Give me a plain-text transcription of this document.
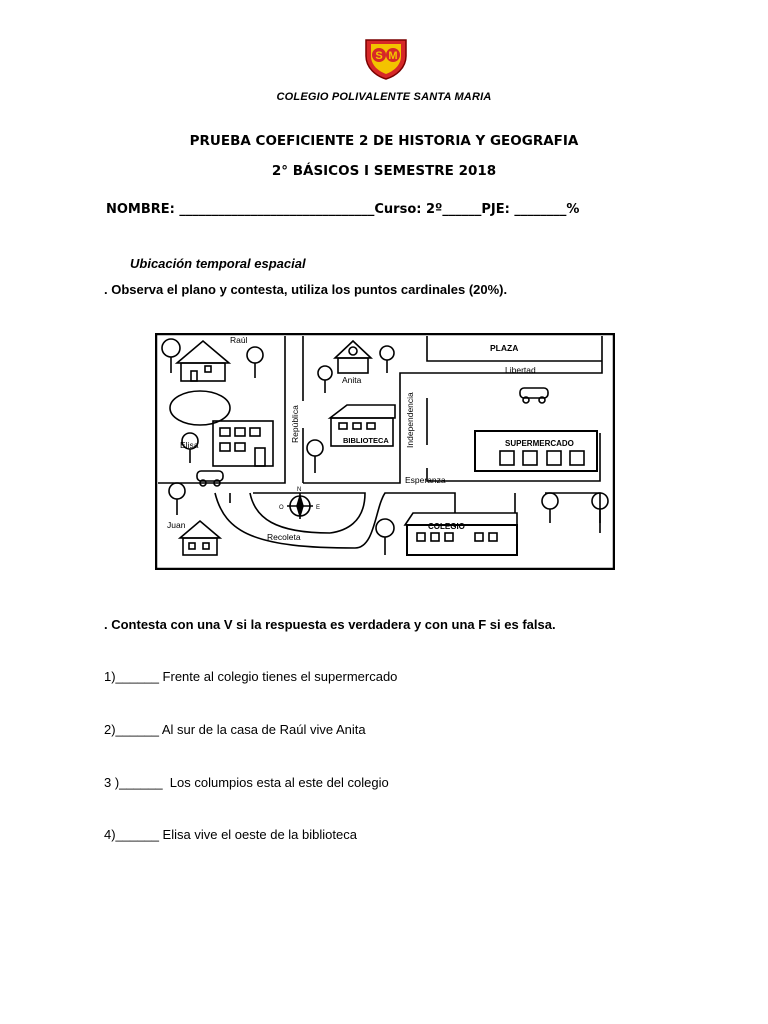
S M
COLEGIO POLIVALENTE SANTA MARIA
PRUEBA COEFICIENTE 2 DE HISTORIA Y GEOGRAFIA
2° BÁSICOS I SEMESTRE 2018
NOMBRE: ______________________________Curso: 2º______PJE: ________%
Ubicación temporal espacial
. Observa el plano y contesta, utiliza los puntos cardinales (20%).
Raúl
Anita
PLAZA
Libertad
República	Independencia
BIBLIOTECA	SUPERMERCADO
Elisa
Esperanza
Juan
Recoleta
COLEGIO
N
O	E
. Contesta con una V si la respuesta es verdadera y con una F si es falsa.
1)______ Frente al colegio tienes el supermercado
2)______ Al sur de la casa de Raúl vive Anita
3 )______  Los columpios esta al este del colegio
4)______ Elisa vive el oeste de la biblioteca
